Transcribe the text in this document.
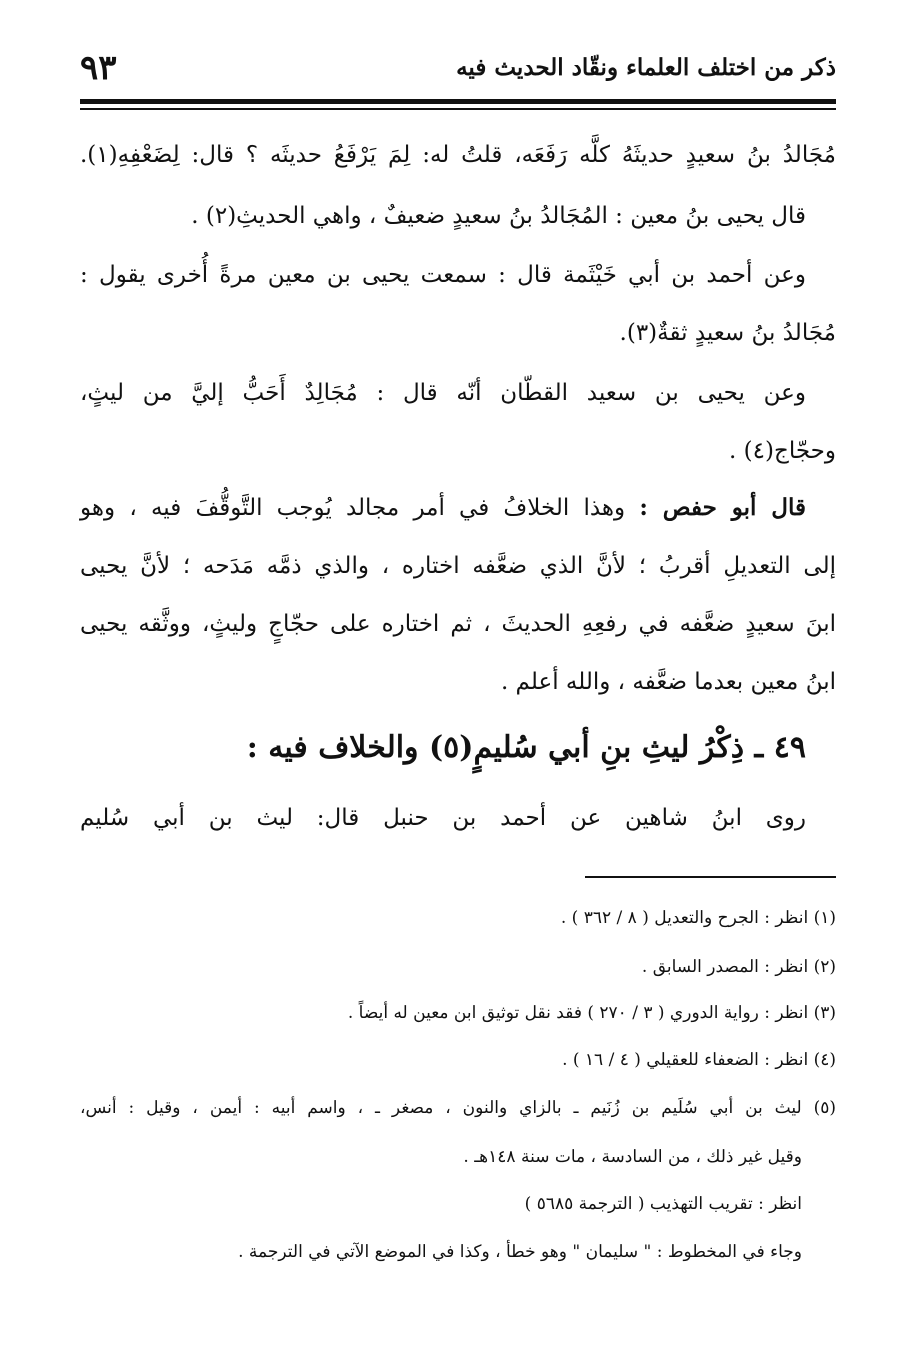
ذكر من اختلف العلماء ونقّاد الحديث فيه
٩٣
مُجَالدُ بنُ سعيدٍ حديثَهُ كلَّه رَفَعَه، قلتُ له: لِمَ يَرْفَعُ حديثَه ؟ قال: لِضَعْفِهِ(١).
قال يحيى بنُ معين : المُجَالدُ بنُ سعيدٍ ضعيفٌ ، واهي الحديثِ(٢) .
وعن أحمد بن أبي خَيْثَمة قال : سمعت يحيى بن معين مرةً أُخرى يقول :
مُجَالدُ بنُ سعيدٍ ثقةٌ(٣).
وعن يحيى بن سعيد القطّان أنّه قال : مُجَالِدٌ أَحَبُّ إليَّ من ليثٍ،
وحجّاج(٤) .
قال أبو حفص : وهذا الخلافُ في أمر مجالد يُوجب التَّوقُّفَ فيه ، وهو
إلى التعديلِ أقربُ ؛ لأنَّ الذي ضعَّفه اختاره ، والذي ذمَّه مَدَحه ؛ لأنَّ يحيى
ابنَ سعيدٍ ضعَّفه في رفعِهِ الحديثَ ، ثم اختاره على حجّاجٍ وليثٍ، ووثَّقه يحيى
ابنُ معين بعدما ضعَّفه ، والله أعلم .
٤٩ ـ ذِكْرُ ليثِ بنِ أبي سُليمٍ(٥) والخلاف فيه :
روى ابنُ شاهين عن أحمد بن حنبل قال: ليث بن أبي سُليم
(١) انظر : الجرح والتعديل ( ٨ / ٣٦٢ ) .
(٢) انظر : المصدر السابق .
(٣) انظر : رواية الدوري ( ٣ / ٢٧٠ ) فقد نقل توثيق ابن معين له أيضاً .
(٤) انظر : الضعفاء للعقيلي ( ٤ / ١٦ ) .
(٥) ليث بن أبي سُلَيم بن زُنَيم ـ بالزاي والنون ، مصغر ـ ، واسم أبيه : أيمن ، وقيل : أنس،
وقيل غير ذلك ، من السادسة ، مات سنة ١٤٨هـ .
انظر : تقريب التهذيب ( الترجمة ٥٦٨٥ )
وجاء في المخطوط : " سليمان " وهو خطأ ، وكذا في الموضع الآتي في الترجمة .
